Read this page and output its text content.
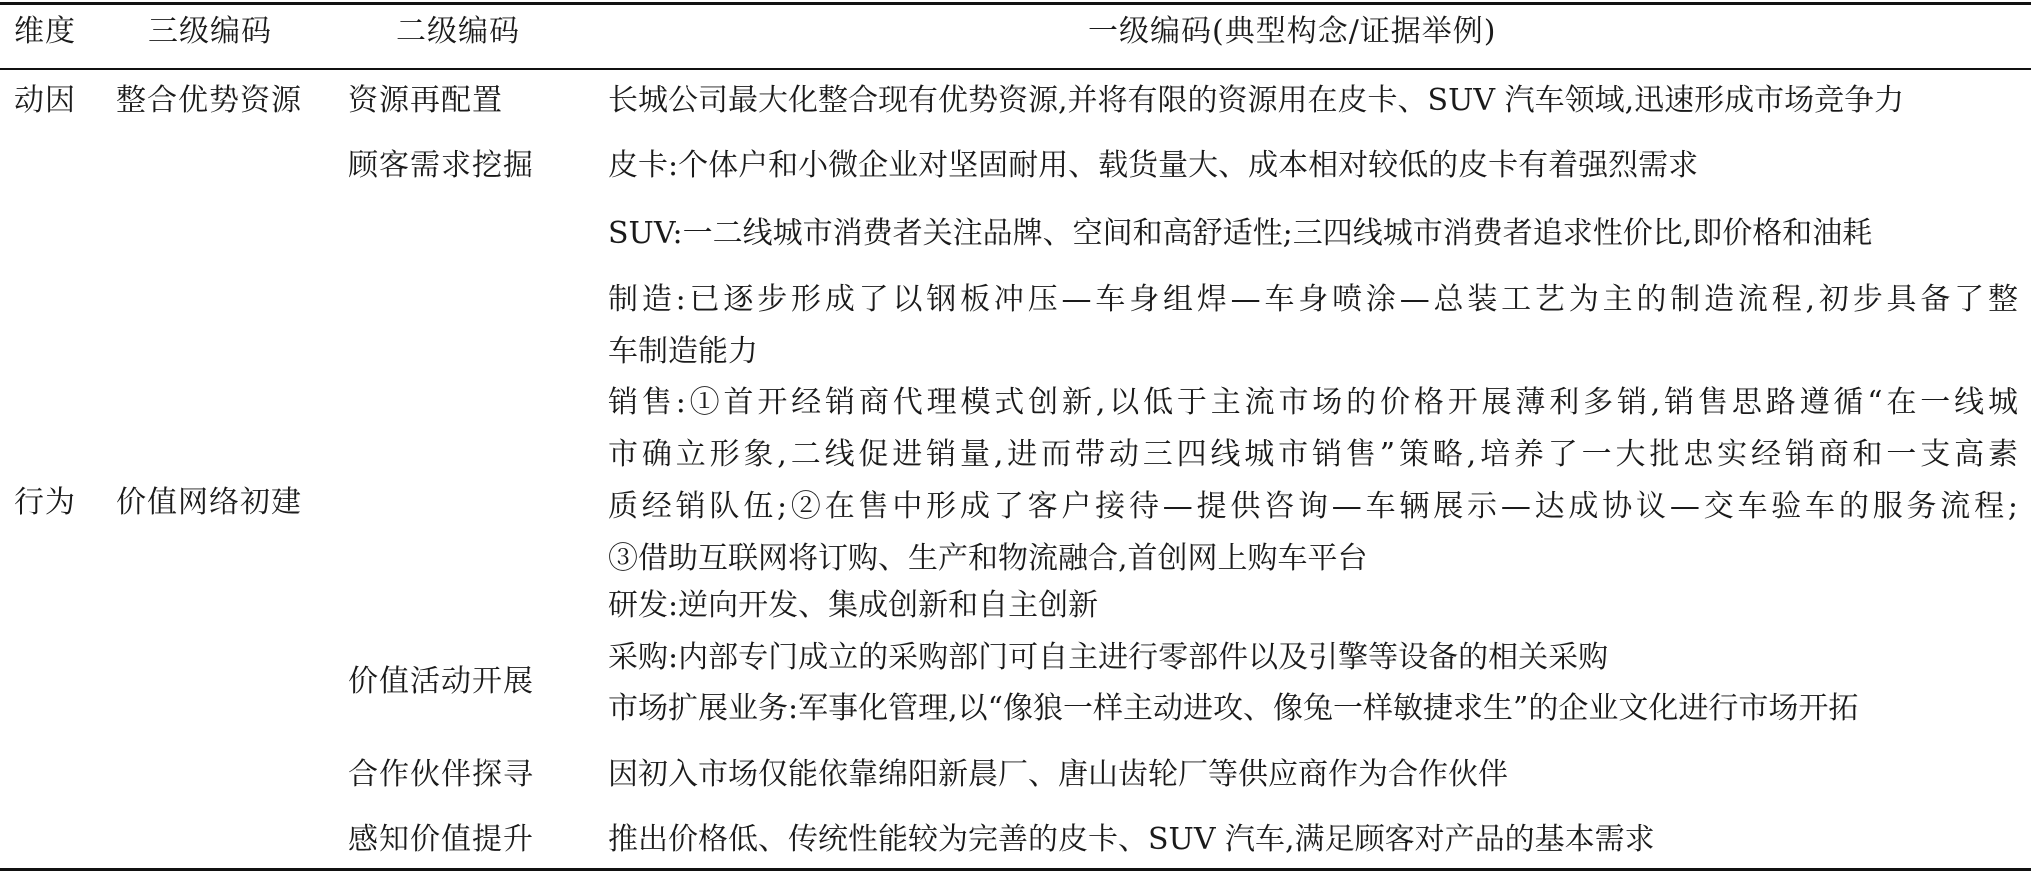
维度 三级编码	二级编码	一级编码(典型构念/证据举例)
动因 整合优势资源
行为 价值网络初建
资源再配置
顾客需求挖掘
价值活动开展
合作伙伴探寻
感知价值提升
长城公司最大化整合现有优势资源,并将有限的资源用在皮卡、SUV 汽车领域,迅速形成市场竞争力
皮卡:个体户和小微企业对坚固耐用、载货量大、成本相对较低的皮卡有着强烈需求
SUV:一二线城市消费者关注品牌、空间和高舒适性;三四线城市消费者追求性价比,即价格和油耗
制造:已逐步形成了以钢板冲压—车身组焊—车身喷涂—总装工艺为主的制造流程,初步具备了整
车制造能力
销售:①首开经销商代理模式创新,以低于主流市场的价格开展薄利多销,销售思路遵循“在一线城
市确立形象,二线促进销量,进而带动三四线城市销售”策略,培养了一大批忠实经销商和一支高素
质经销队伍;②在售中形成了客户接待—提供咨询—车辆展示—达成协议—交车验车的服务流程;
③借助互联网将订购、生产和物流融合,首创网上购车平台
研发:逆向开发、集成创新和自主创新
采购:内部专门成立的采购部门可自主进行零部件以及引擎等设备的相关采购
市场扩展业务:军事化管理,以“像狼一样主动进攻、像兔一样敏捷求生”的企业文化进行市场开拓
因初入市场仅能依靠绵阳新晨厂、唐山齿轮厂等供应商作为合作伙伴
推出价格低、传统性能较为完善的皮卡、SUV 汽车,满足顾客对产品的基本需求
